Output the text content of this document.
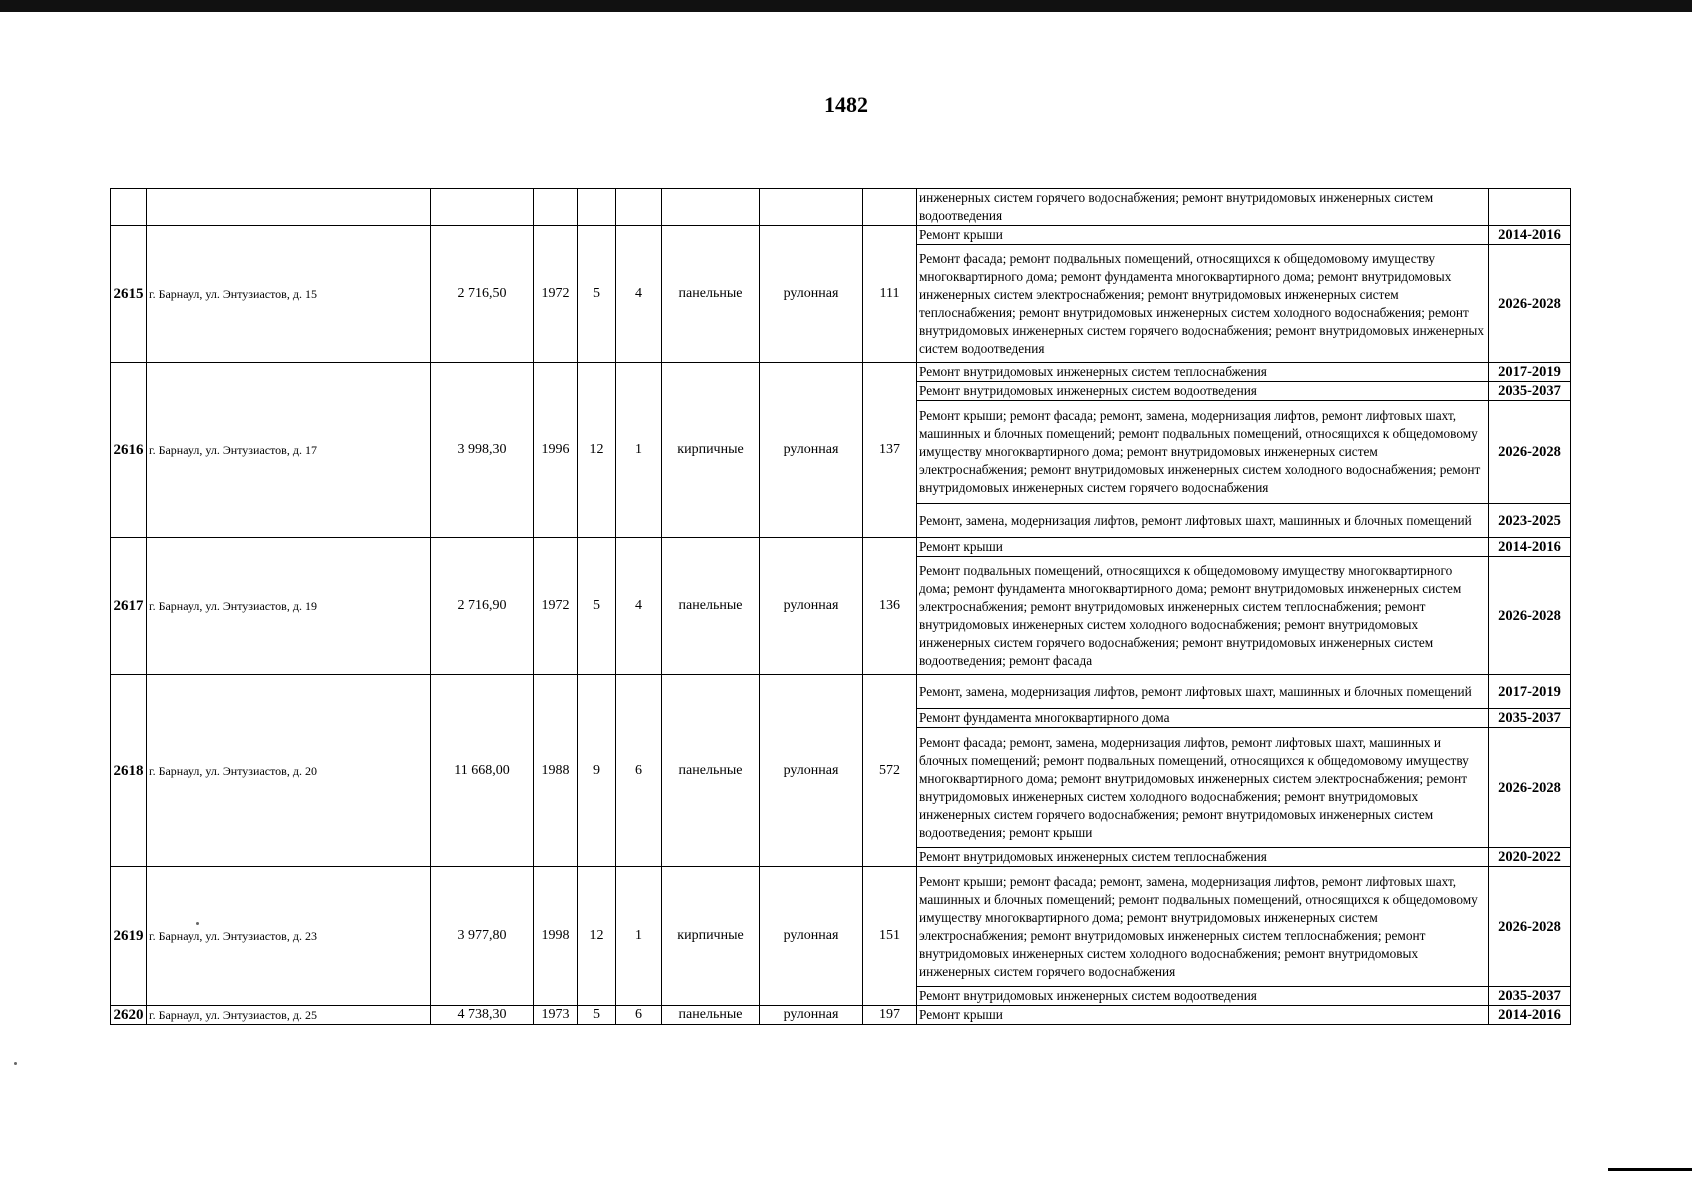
1482
									инженерных систем горячего водоснабжения; ремонт внутридомовых инженерных систем водоотведения	
2615	г. Барнаул, ул. Энтузиастов, д. 15	2 716,50	1972	5	4	панельные	рулонная	111	Ремонт крыши	2014-2016
									Ремонт фасада; ремонт подвальных помещений, относящихся к общедомовому имуществу многоквартирного дома; ремонт фундамента многоквартирного дома; ремонт внутридомовых инженерных систем электроснабжения; ремонт внутридомовых инженерных систем теплоснабжения; ремонт внутридомовых инженерных систем холодного водоснабжения; ремонт внутридомовых инженерных систем горячего водоснабжения; ремонт внутридомовых инженерных систем водоотведения	2026-2028
2616	г. Барнаул, ул. Энтузиастов, д. 17	3 998,30	1996	12	1	кирпичные	рулонная	137	Ремонт внутридомовых инженерных систем теплоснабжения	2017-2019
									Ремонт внутридомовых инженерных систем водоотведения	2035-2037
									Ремонт крыши; ремонт фасада; ремонт, замена, модернизация лифтов, ремонт лифтовых шахт, машинных и блочных помещений; ремонт подвальных помещений, относящихся к общедомовому имуществу многоквартирного дома; ремонт внутридомовых инженерных систем электроснабжения; ремонт внутридомовых инженерных систем холодного водоснабжения; ремонт внутридомовых инженерных систем горячего водоснабжения	2026-2028
									Ремонт, замена, модернизация лифтов, ремонт лифтовых шахт, машинных и блочных помещений	2023-2025
2617	г. Барнаул, ул. Энтузиастов, д. 19	2 716,90	1972	5	4	панельные	рулонная	136	Ремонт крыши	2014-2016
									Ремонт подвальных помещений, относящихся к общедомовому имуществу многоквартирного дома; ремонт фундамента многоквартирного дома; ремонт внутридомовых инженерных систем электроснабжения; ремонт внутридомовых инженерных систем теплоснабжения; ремонт внутридомовых инженерных систем холодного водоснабжения; ремонт внутридомовых инженерных систем горячего водоснабжения; ремонт внутридомовых инженерных систем водоотведения; ремонт фасада	2026-2028
2618	г. Барнаул, ул. Энтузиастов, д. 20	11 668,00	1988	9	6	панельные	рулонная	572	Ремонт, замена, модернизация лифтов, ремонт лифтовых шахт, машинных и блочных помещений	2017-2019
									Ремонт фундамента многоквартирного дома	2035-2037
									Ремонт фасада; ремонт, замена, модернизация лифтов, ремонт лифтовых шахт, машинных и блочных помещений; ремонт подвальных помещений, относящихся к общедомовому имуществу многоквартирного дома; ремонт внутридомовых инженерных систем электроснабжения; ремонт внутридомовых инженерных систем холодного водоснабжения; ремонт внутридомовых инженерных систем горячего водоснабжения; ремонт внутридомовых инженерных систем водоотведения; ремонт крыши	2026-2028
									Ремонт внутридомовых инженерных систем теплоснабжения	2020-2022
2619	г. Барнаул, ул. Энтузиастов, д. 23	3 977,80	1998	12	1	кирпичные	рулонная	151	Ремонт крыши; ремонт фасада; ремонт, замена, модернизация лифтов, ремонт лифтовых шахт, машинных и блочных помещений; ремонт подвальных помещений, относящихся к общедомовому имуществу многоквартирного дома; ремонт внутридомовых инженерных систем электроснабжения; ремонт внутридомовых инженерных систем теплоснабжения; ремонт внутридомовых инженерных систем холодного водоснабжения; ремонт внутридомовых инженерных систем горячего водоснабжения	2026-2028
									Ремонт внутридомовых инженерных систем водоотведения	2035-2037
2620	г. Барнаул, ул. Энтузиастов, д. 25	4 738,30	1973	5	6	панельные	рулонная	197	Ремонт крыши	2014-2016
